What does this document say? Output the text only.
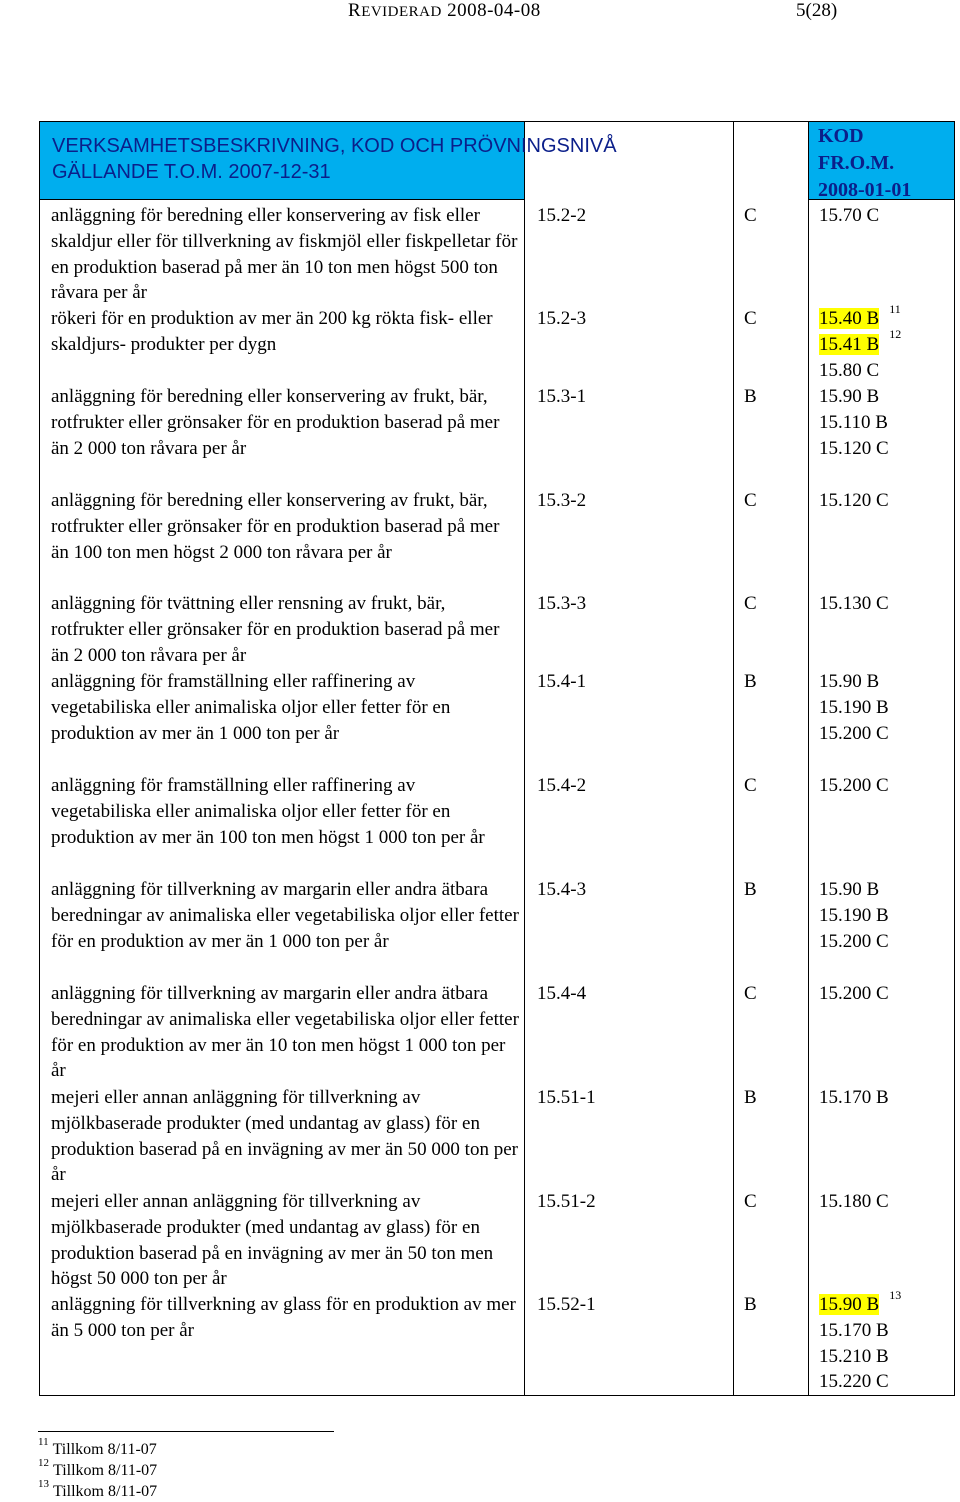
REVIDERAD 2008-04-08	5(28)
VERKSAMHETSBESKRIVNING, KOD OCH PRÖVNINGSNIVÅ
GÄLLANDE T.O.M. 2007-12-31
KOD
FR.O.M.
2008-01-01
anläggning för beredning eller konservering av fisk eller skaldjur eller för tillverkning av fiskmjöl eller fiskpelletar för en produktion baserad på mer än 10 ton men högst 500 ton råvara per år
15.2-2	C	15.70 C
rökeri för en produktion av mer än 200 kg rökta fisk- eller skaldjurs- produkter per dygn
15.2-3	C	15.40 B $^{11}$
15.41 B $^{12}$
15.80 C
anläggning för beredning eller konservering av frukt, bär, rotfrukter eller grönsaker för en produktion baserad på mer än 2 000 ton råvara per år
15.3-1	B	15.90 B
15.110 B
15.120 C
anläggning för beredning eller konservering av frukt, bär, rotfrukter eller grönsaker för en produktion baserad på mer än 100 ton men högst 2 000 ton råvara per år
15.3-2	C	15.120 C
anläggning för tvättning eller rensning av frukt, bär, rotfrukter eller grönsaker för en produktion baserad på mer än 2 000 ton råvara per år
15.3-3	C	15.130 C
anläggning för framställning eller raffinering av vegetabiliska eller animaliska oljor eller fetter för en produktion av mer än 1 000 ton per år
15.4-1	B	15.90 B
15.190 B
15.200 C
anläggning för framställning eller raffinering av vegetabiliska eller animaliska oljor eller fetter för en produktion av mer än 100 ton men högst 1 000 ton per år
15.4-2	C	15.200 C
anläggning för tillverkning av margarin eller andra ätbara beredningar av animaliska eller vegetabiliska oljor eller fetter för en produktion av mer än 1 000 ton per år
15.4-3	B	15.90 B
15.190 B
15.200 C
anläggning för tillverkning av margarin eller andra ätbara beredningar av animaliska eller vegetabiliska oljor eller fetter för en produktion av mer än 10 ton men högst 1 000 ton per år
15.4-4	C	15.200 C
mejeri eller annan anläggning för tillverkning av mjölkbaserade produkter (med undantag av glass) för en produktion baserad på en invägning av mer än 50 000 ton per år
15.51-1	B	15.170 B
mejeri eller annan anläggning för tillverkning av mjölkbaserade produkter (med undantag av glass) för en produktion baserad på en invägning av mer än 50 ton men högst 50 000 ton per år
15.51-2	C	15.180 C
anläggning för tillverkning av glass för en produktion av mer än 5 000 ton per år
15.52-1	B	15.90 B $^{13}$
15.170 B
15.210 B
15.220 C
$^{11}$ Tillkom 8/11-07
$^{12}$ Tillkom 8/11-07
$^{13}$ Tillkom 8/11-07
